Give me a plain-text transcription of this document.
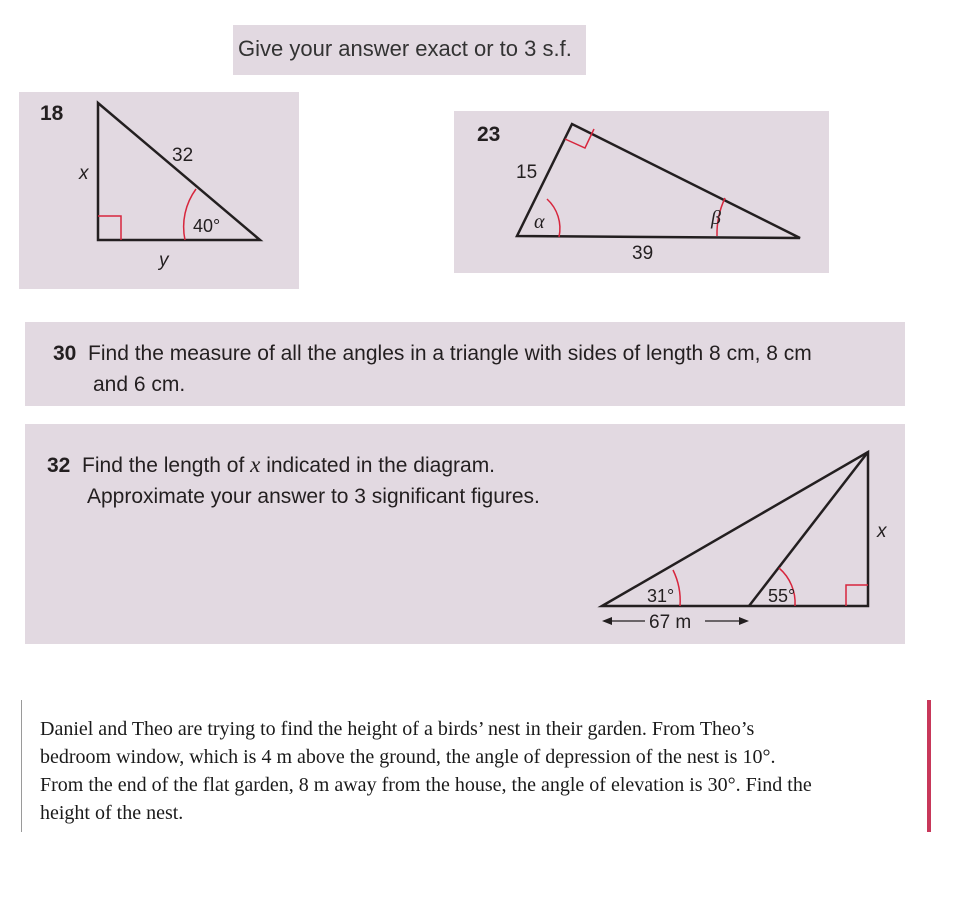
Give your answer exact or to 3 s.f.
18
32
x
y
40°
23
15
39
α	β
30 Find the measure of all the angles in a triangle with sides of length 8 cm, 8 cm
and 6 cm.
32 Find the length of x indicated in the diagram.
Approximate your answer to 3 significant figures.
31°	55°
x
67 m
Daniel and Theo are trying to find the height of a birds’ nest in their garden. From Theo’s
bedroom window, which is 4 m above the ground, the angle of depression of the nest is 10°.
From the end of the flat garden, 8 m away from the house, the angle of elevation is 30°. Find the
height of the nest.
